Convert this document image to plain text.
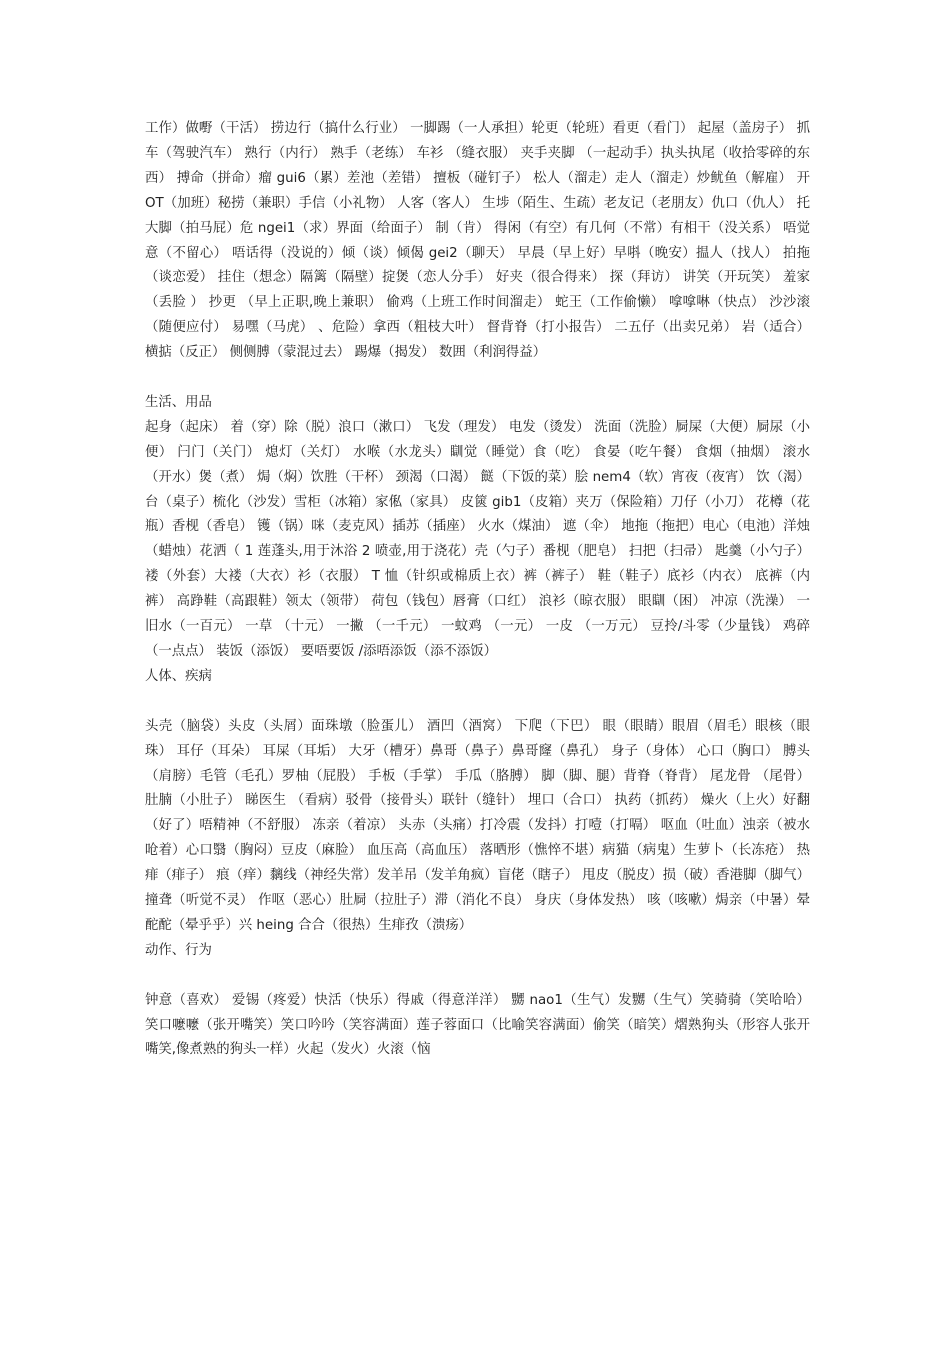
工作）做嘢（干活） 捞边行（搞什么行业） 一脚踢（一人承担）轮更（轮班）看更（看门） 起屋（盖房子） 抓车（驾驶汽车） 熟行（内行） 熟手（老练） 车衫 （缝衣服） 夹手夹脚 （一起动手）执头执尾（收拾零碎的东西） 搏命（拼命）瘤 gui6（累）差池（差错） 擅板（碰钉子） 松人（溜走）走人（溜走）炒鱿鱼（解雇） 开 OT（加班）秘捞（兼职）手信（小礼物） 人客（客人） 生埗（陌生、生疏）老友记（老朋友）仇口（仇人） 托大脚（拍马屁）危 ngei1（求）界面（给面子） 制（肯） 得闲（有空）有几何（不常）有相干（没关系） 唔觉意（不留心） 唔话得（没说的）倾（谈）倾偈 gei2（聊天） 早晨（早上好）早唞（晚安）揾人（找人） 拍拖（谈恋爱） 挂住（想念）隔篱（隔壁）掟煲（恋人分手） 好夹（很合得来） 探（拜访） 讲笑（开玩笑） 羞家（丢脸 ） 抄更 （早上正职,晚上兼职） 偷鸡（上班工作时间溜走） 蛇王（工作偷懒） 嗱嗱啉（快点） 沙沙滚（随便应付） 易嘿（马虎） 、危险）拿西（粗枝大叶） 督背脊（打小报告） 二五仔（出卖兄弟） 岩（适合） 横掂（反正） 侧侧膊（蒙混过去） 踢爆（揭发） 数囲（利润得益）

生活、用品

起身（起床） 着（穿）除（脱）浪口（漱口） 飞发（理发） 电发（烫发） 洗面（洗脸）屙屎（大便）屙尿（小便） 闩门（关门） 熄灯（关灯） 水喉（水龙头）瞓觉（睡觉）食（吃） 食晏（吃午餐） 食烟（抽烟） 滚水（开水）煲（煮） 焗（焖）饮胜（干杯） 颈渴（口渴） 餸（下饭的菜）脍 nem4（软）宵夜（夜宵） 饮（渴） 台（桌子）梳化（沙发）雪柜（冰箱）家俬（家具） 皮篋 gib1（皮箱）夹万（保险箱）刀仔（小刀） 花樽（花瓶）香枧（香皂） 镬（锅）咪（麦克风）插苏（插座） 火水（煤油） 遮（伞） 地拖（拖把）电心（电池）洋烛（蜡烛）花洒（ 1 莲蓬头,用于沐浴 2 喷壶,用于浇花）壳（勺子）番枧（肥皂） 扫把（扫帚） 匙羹（小勺子） 褛（外套）大褛（大衣）衫（衣服） T 恤（针织或棉质上衣）裤（裤子） 鞋（鞋子）底衫（内衣） 底裤（内裤） 高踭鞋（高跟鞋）领太（领带） 荷包（钱包）唇膏（口红） 浪衫（晾衣服） 眼瞓（困） 冲凉（洗澡） 一旧水（一百元） 一草 （十元） 一撇 （一千元） 一蚊鸡 （一元） 一皮 （一万元） 豆拎/斗零（少量钱） 鸡碎（一点点） 装饭（添饭） 要唔要饭 /添唔添饭（添不添饭）

人体、疾病

头壳（脑袋）头皮（头屑）面珠墩（脸蛋儿） 酒凹（酒窝） 下爬（下巴） 眼（眼睛）眼眉（眉毛）眼核（眼珠） 耳仔（耳朵） 耳屎（耳垢） 大牙（槽牙）鼻哥（鼻子）鼻哥窿（鼻孔） 身子（身体） 心口（胸口） 膊头（肩膀）毛管（毛孔）罗柚（屁股） 手板（手掌） 手瓜（胳膊） 脚（脚、腿）背脊（脊背） 尾龙骨 （尾骨） 肚腩（小肚子） 睇医生 （看病）驳骨（接骨头）联针（缝针） 埋口（合口） 执药（抓药） 燥火（上火）好翻（好了）唔精神（不舒服） 冻亲（着凉） 头赤（头痛）打冷震（发抖）打噎（打嗝） 呕血（吐血）浊亲（被水呛着）心口翳（胸闷）豆皮（麻脸） 血压高（高血压） 落晒形（憔悴不堪）病猫（病鬼）生萝卜（长冻疮） 热痱（痱子） 痕（痒）黐线（神经失常）发羊吊（发羊角疯）盲佬（瞎子） 甩皮（脱皮）损（破）香港脚（脚气） 撞聋（听觉不灵） 作呕（恶心）肚屙（拉肚子）滞（消化不良） 身庆（身体发热） 咳（咳嗽）焗亲（中暑）晕酡酡（晕乎乎）兴 heing 合合（很热）生痱孜（溃疡）

动作、行为

钟意（喜欢） 爱锡（疼爱）快活（快乐）得戚（得意洋洋） 嬲 nao1（生气）发嬲（生气）笑骑骑（笑哈哈） 笑口嚒嚒（张开嘴笑）笑口吟吟（笑容满面）莲子蓉面口（比喻笑容满面）偷笑（暗笑）熠熟狗头（形容人张开嘴笑,像煮熟的狗头一样）火起（发火）火滚（恼
